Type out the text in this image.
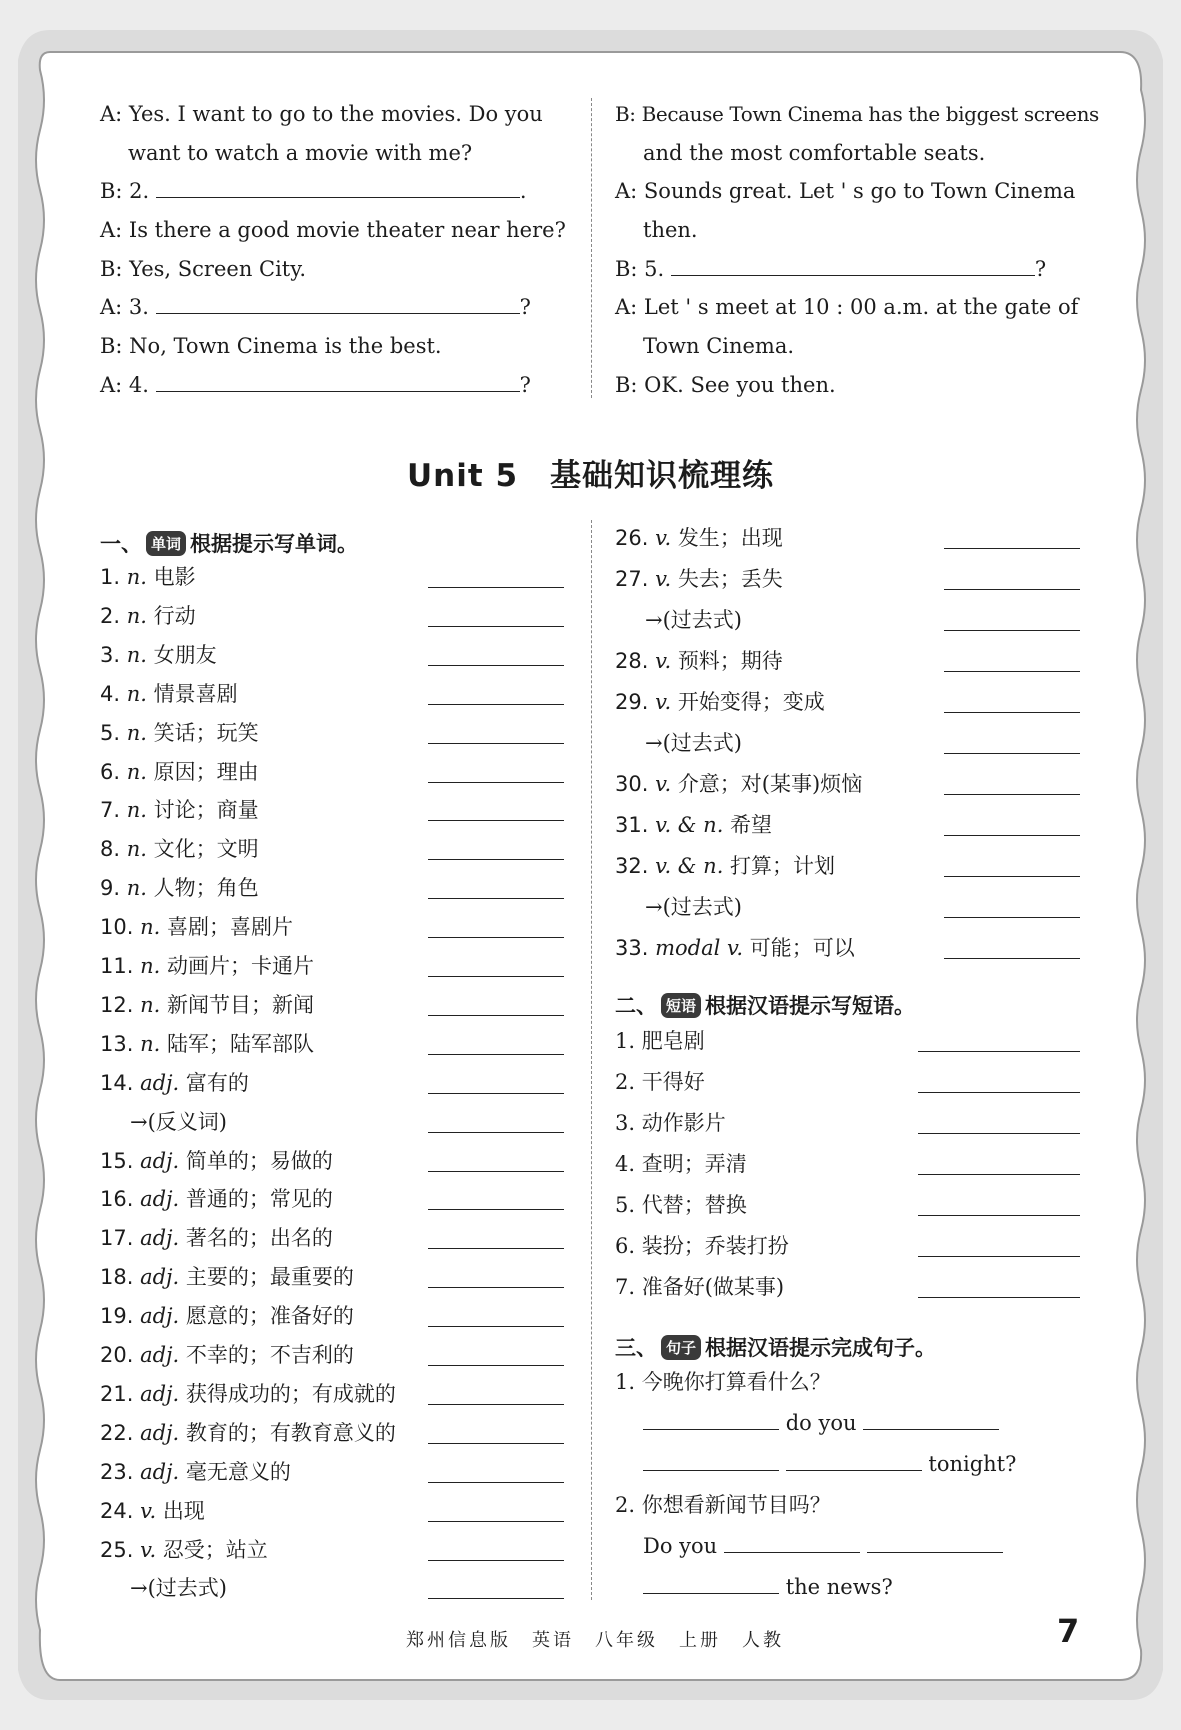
A: Yes. I want to go to the movies. Do you
want to watch a movie with me?
B: 2.	.
A: Is there a good movie theater near here?
B: Yes, Screen City.
A: 3.	?
B: No, Town Cinema is the best.
A: 4.	?
B: Because Town Cinema has the biggest screens
and the most comfortable seats.
A: Sounds great. Let ' s go to Town Cinema
then.
B: 5.	?
A: Let ' s meet at 10 : 00 a.m. at the gate of
Town Cinema.
B: OK. See you then.
Unit 5　基础知识梳理练
一、 单词 根据提示写单词。
1. n. 电影
2. n. 行动
3. n. 女朋友
4. n. 情景喜剧
5. n. 笑话；玩笑
6. n. 原因；理由
7. n. 讨论；商量
8. n. 文化；文明
9. n. 人物；角色
10. n. 喜剧；喜剧片
11. n. 动画片；卡通片
12. n. 新闻节目；新闻
13. n. 陆军；陆军部队
14. adj. 富有的
→(反义词)
15. adj. 简单的；易做的
16. adj. 普通的；常见的
17. adj. 著名的；出名的
18. adj. 主要的；最重要的
19. adj. 愿意的；准备好的
20. adj. 不幸的；不吉利的
21. adj. 获得成功的；有成就的
22. adj. 教育的；有教育意义的
23. adj. 毫无意义的
24. v. 出现
25. v. 忍受；站立
→(过去式)
26. v. 发生；出现
27. v. 失去；丢失
→(过去式)
28. v. 预料；期待
29. v. 开始变得；变成
→(过去式)
30. v. 介意；对(某事)烦恼
31. v. & n. 希望
32. v. & n. 打算；计划
→(过去式)
33. modal v. 可能；可以
二、 短语 根据汉语提示写短语。
1. 肥皂剧
2. 干得好
3. 动作影片
4. 查明；弄清
5. 代替；替换
6. 装扮；乔装打扮
7. 准备好(做某事)
三、 句子 根据汉语提示完成句子。
1. 今晚你打算看什么？
do you
tonight?
2. 你想看新闻节目吗？
Do you
the news?
郑州信息版　英语　八年级　上册　人教	7
